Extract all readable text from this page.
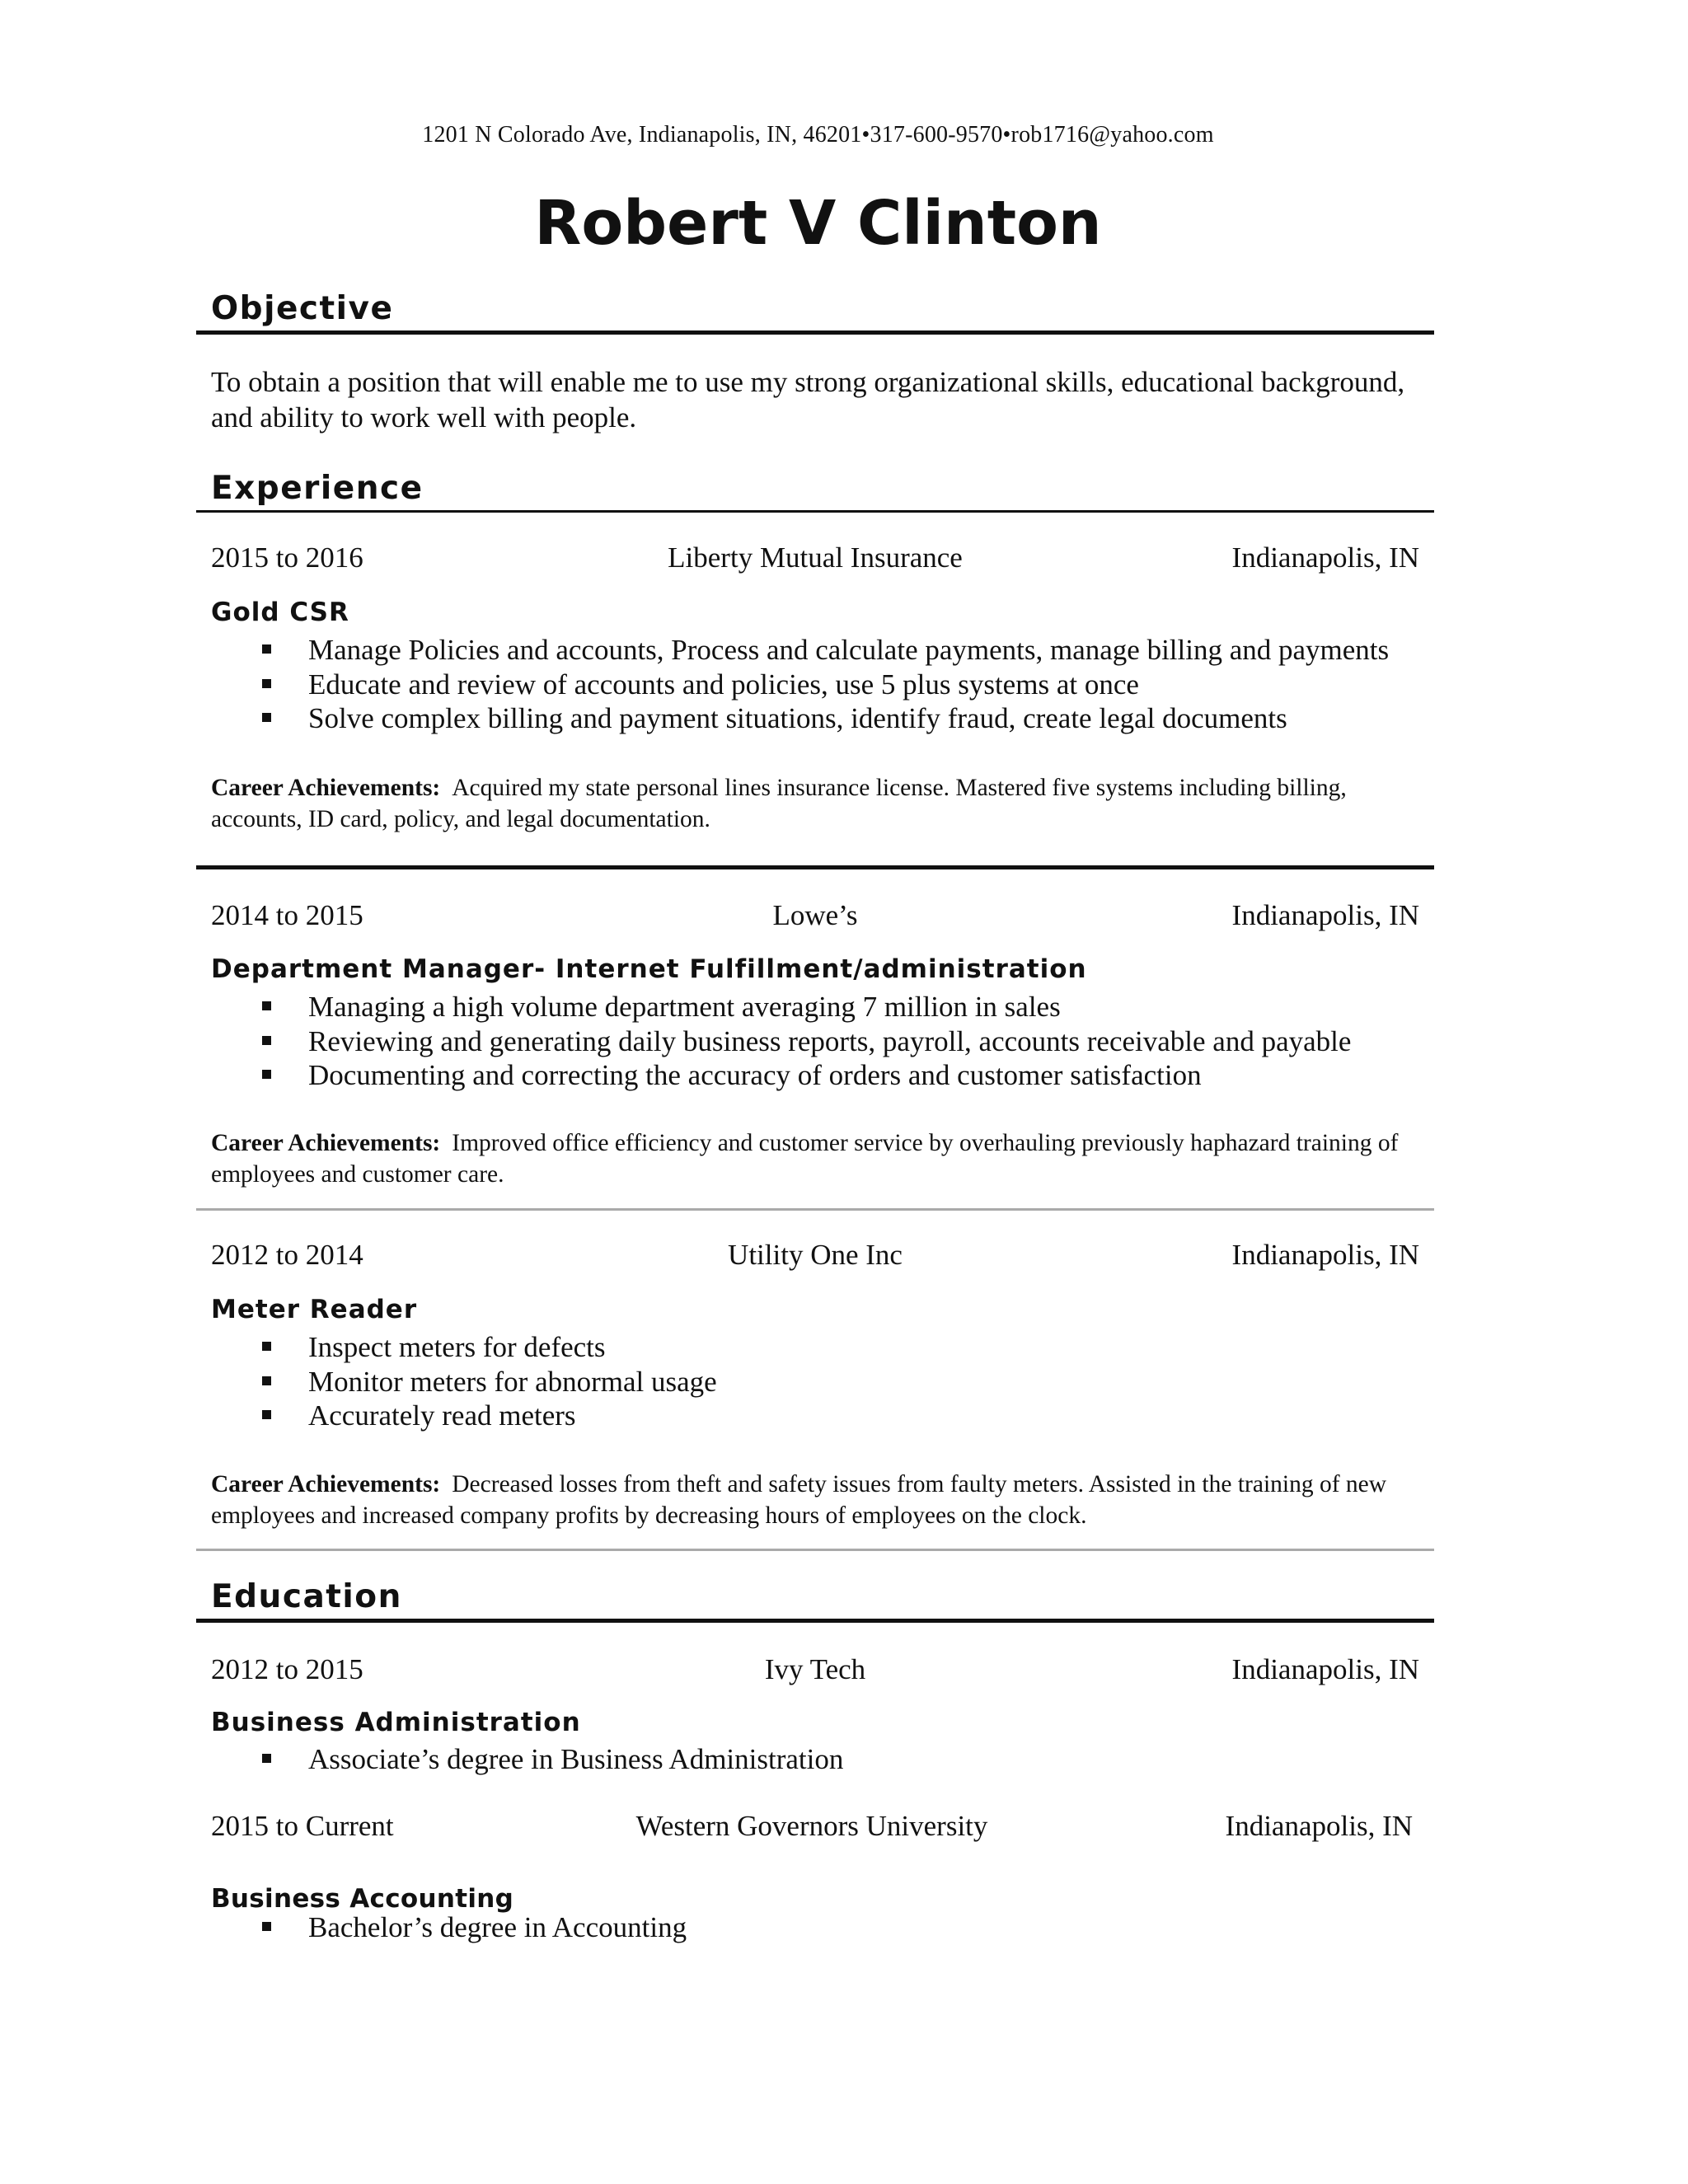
1201 N Colorado Ave, Indianapolis, IN, 46201•317-600-9570•rob1716@yahoo.com
Robert V Clinton
Objective
To obtain a position that will enable me to use my strong organizational skills, educational background, and ability to work well with people.
Experience
2015 to 2016	Liberty Mutual Insurance	Indianapolis, IN
Gold CSR
Manage Policies and accounts, Process and calculate payments, manage billing and payments
Educate and review of accounts and policies, use 5 plus systems at once
Solve complex billing and payment situations, identify fraud, create legal documents
Career Achievements: Acquired my state personal lines insurance license. Mastered five systems including billing, accounts, ID card, policy, and legal documentation.
2014 to 2015	Lowe’s	Indianapolis, IN
Department Manager- Internet Fulfillment/administration
Managing a high volume department averaging 7 million in sales
Reviewing and generating daily business reports, payroll, accounts receivable and payable
Documenting and correcting the accuracy of orders and customer satisfaction
Career Achievements: Improved office efficiency and customer service by overhauling previously haphazard training of employees and customer care.
2012 to 2014	Utility One Inc	Indianapolis, IN
Meter Reader
Inspect meters for defects
Monitor meters for abnormal usage
Accurately read meters
Career Achievements: Decreased losses from theft and safety issues from faulty meters. Assisted in the training of new employees and increased company profits by decreasing hours of employees on the clock.
Education
2012 to 2015	Ivy Tech	Indianapolis, IN
Business Administration
Associate’s degree in Business Administration
2015 to Current	Western Governors University	Indianapolis, IN
Business Accounting
Bachelor’s degree in Accounting
